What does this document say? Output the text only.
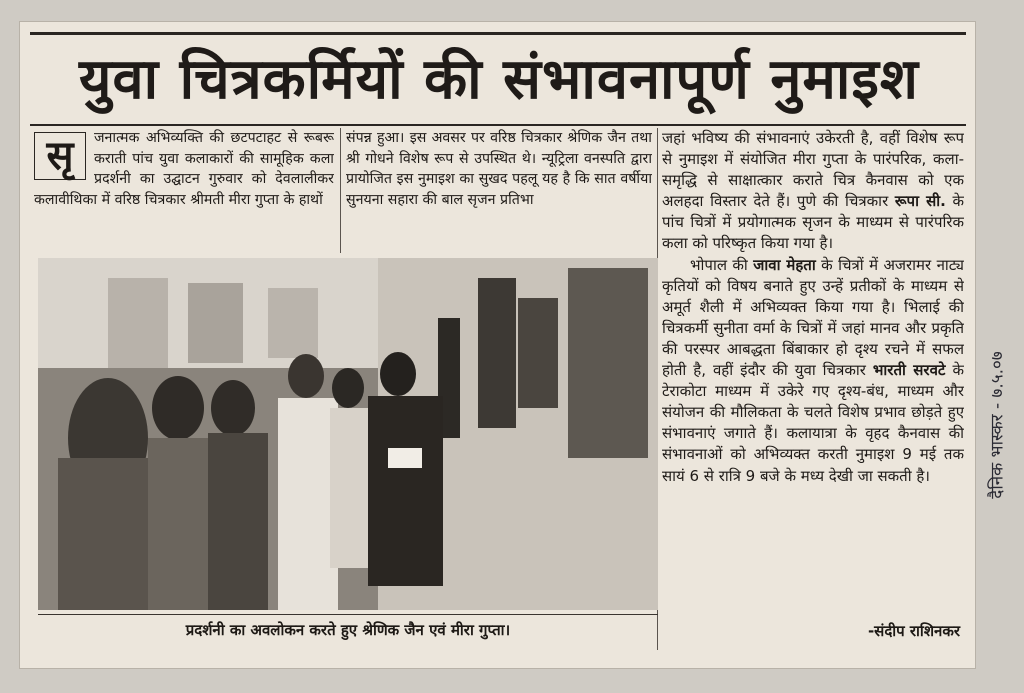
युवा चित्रकर्मियों की संभावनापूर्ण नुमाइश
सृ	जनात्मक अभिव्यक्ति की छटपटाहट से रूबरू कराती पांच युवा कलाकारों की सामूहिक कला प्रदर्शनी का उद्घाटन गुरुवार को देवलालीकर कलावीथिका में वरिष्ठ चित्रकार श्रीमती मीरा गुप्ता के हाथों

संपन्न हुआ। इस अवसर पर वरिष्ठ चित्रकार श्रेणिक जैन तथा श्री गोधने विशेष रूप से उपस्थित थे। न्यूट्रिला वनस्पति द्वारा प्रायोजित इस नुमाइश का सुखद पहलू यह है कि सात वर्षीया सुनयना सहारा की बाल सृजन प्रतिभा

जहां भविष्य की संभावनाएं उकेरती है, वहीं विशेष रूप से नुमाइश में संयोजित मीरा गुप्ता के पारंपरिक, कला-समृद्धि से साक्षात्कार कराते चित्र कैनवास को एक अलहदा विस्तार देते हैं। पुणे की चित्रकार रूपा सी. के पांच चित्रों में प्रयोगात्मक सृजन के माध्यम से पारंपरिक कला को परिष्कृत किया गया है।

भोपाल की जावा मेहता के चित्रों में अजरामर नाट्य कृतियों को विषय बनाते हुए उन्हें प्रतीकों के माध्यम से अमूर्त शैली में अभिव्यक्त किया गया है। भिलाई की चित्रकर्मी सुनीता वर्मा के चित्रों में जहां मानव और प्रकृति की परस्पर आबद्धता बिंबाकार हो दृश्य रचने में सफल होती है, वहीं इंदौर की युवा चित्रकार भारती सरवटे के टेराकोटा माध्यम में उकेरे गए दृश्य-बंध, माध्यम और संयोजन की मौलिकता के चलते विशेष प्रभाव छोड़ते हुए संभावनाएं जगाते हैं। कलायात्रा के वृहद कैनवास की संभावनाओं को अभिव्यक्त करती नुमाइश 9 मई तक सायं 6 से रात्रि 9 बजे के मध्य देखी जा सकती है।

प्रदर्शनी का अवलोकन करते हुए श्रेणिक जैन एवं मीरा गुप्ता।	-संदीप राशिनकर
दैनिक भास्कर - ७.५.०७
